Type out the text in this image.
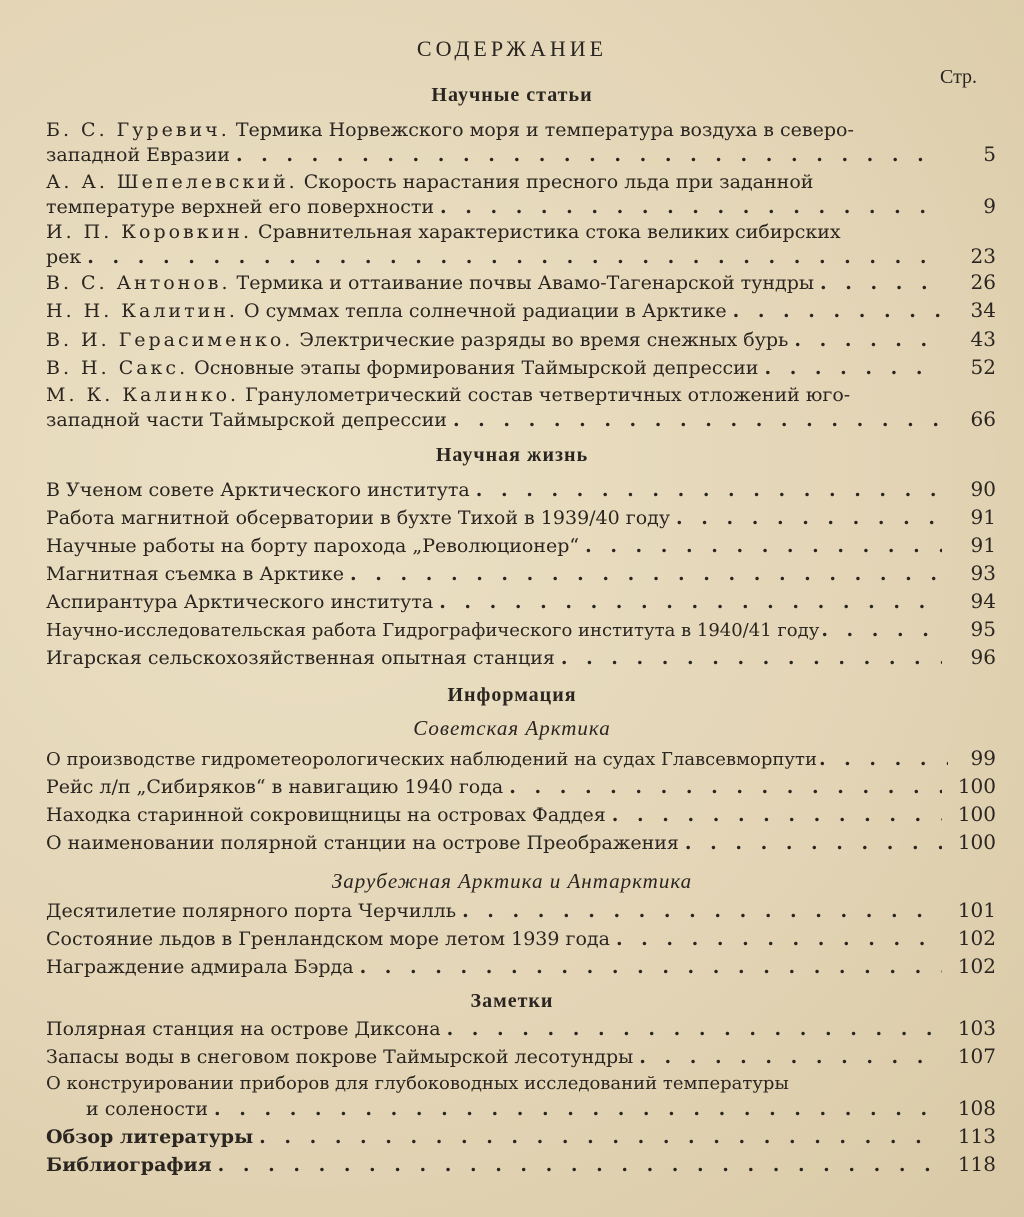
СОДЕРЖАНИЕ
Стр.
Научные статьи
Б. С. Гуревич. Термика Норвежского моря и температура воздуха в северо-
западной Евразии . . .	5
А. А. Шепелевский. Скорость нарастания пресного льда при заданной
температуре верхней его поверхности . . .	9
И. П. Коровкин. Сравнительная характеристика стока великих сибирских
рек . . .	23
В. С. Антонов. Термика и оттаивание почвы Авамо-Тагенарской тундры . . .	26
Н. Н. Калитин. О суммах тепла солнечной радиации в Арктике . . .	34
В. И. Герасименко. Электрические разряды во время снежных бурь . . .	43
В. Н. Сакс. Основные этапы формирования Таймырской депрессии . . .	52
М. К. Калинко. Гранулометрический состав четвертичных отложений юго-
западной части Таймырской депрессии . . .	66
Научная жизнь
В Ученом совете Арктического института . . .	90
Работа магнитной обсерватории в бухте Тихой в 1939/40 году . . .	91
Научные работы на борту парохода „Революционер“ . . .	91
Магнитная съемка в Арктике . . .	93
Аспирантура Арктического института . . .	94
Научно-исследовательская работа Гидрографического института в 1940/41 году . . .	95
Игарская сельскохозяйственная опытная станция . . .	96
Информация
Советская Арктика
О производстве гидрометеорологических наблюдений на судах Главсевморпути . . .	99
Рейс л/п „Сибиряков“ в навигацию 1940 года . . .	100
Находка старинной сокровищницы на островах Фаддея . . .	100
О наименовании полярной станции на острове Преображения . . .	100
Зарубежная Арктика и Антарктика
Десятилетие полярного порта Черчилль . . .	101
Состояние льдов в Гренландском море летом 1939 года . . .	102
Награждение адмирала Бэрда . . .	102
Заметки
Полярная станция на острове Диксона . . .	103
Запасы воды в снеговом покрове Таймырской лесотундры . . .	107
О конструировании приборов для глубоководных исследований температуры
и солености . . .	108
Обзор литературы . . .	113
Библиография . . .	118
